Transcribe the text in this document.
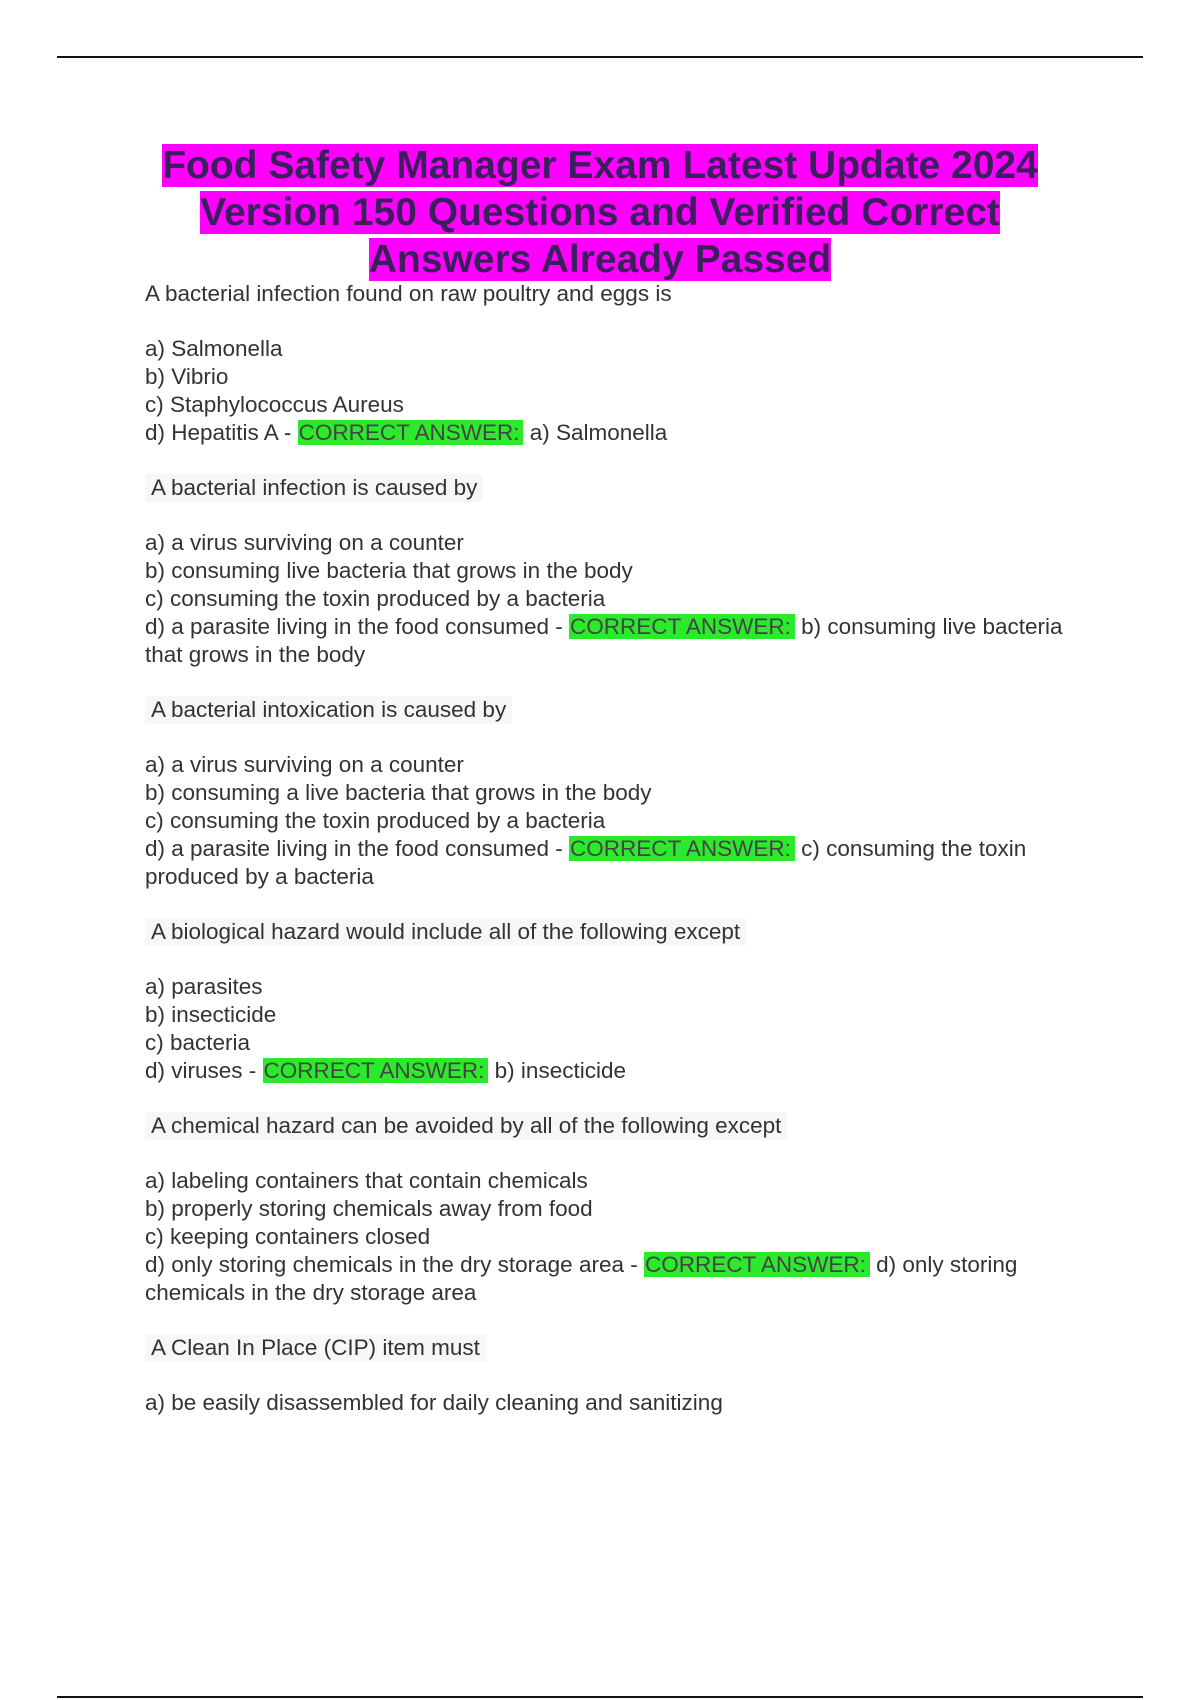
Food Safety Manager Exam Latest Update 2024
Version 150 Questions and Verified Correct
Answers Already Passed
A bacterial infection found on raw poultry and eggs is
a) Salmonella
b) Vibrio
c) Staphylococcus Aureus
d) Hepatitis A - CORRECT ANSWER: a) Salmonella
A bacterial infection is caused by
a) a virus surviving on a counter
b) consuming live bacteria that grows in the body
c) consuming the toxin produced by a bacteria
d) a parasite living in the food consumed - CORRECT ANSWER: b) consuming live bacteria that grows in the body
A bacterial intoxication is caused by
a) a virus surviving on a counter
b) consuming a live bacteria that grows in the body
c) consuming the toxin produced by a bacteria
d) a parasite living in the food consumed - CORRECT ANSWER: c) consuming the toxin produced by a bacteria
A biological hazard would include all of the following except
a) parasites
b) insecticide
c) bacteria
d) viruses - CORRECT ANSWER: b) insecticide
A chemical hazard can be avoided by all of the following except
a) labeling containers that contain chemicals
b) properly storing chemicals away from food
c) keeping containers closed
d) only storing chemicals in the dry storage area - CORRECT ANSWER: d) only storing chemicals in the dry storage area
A Clean In Place (CIP) item must
a) be easily disassembled for daily cleaning and sanitizing
